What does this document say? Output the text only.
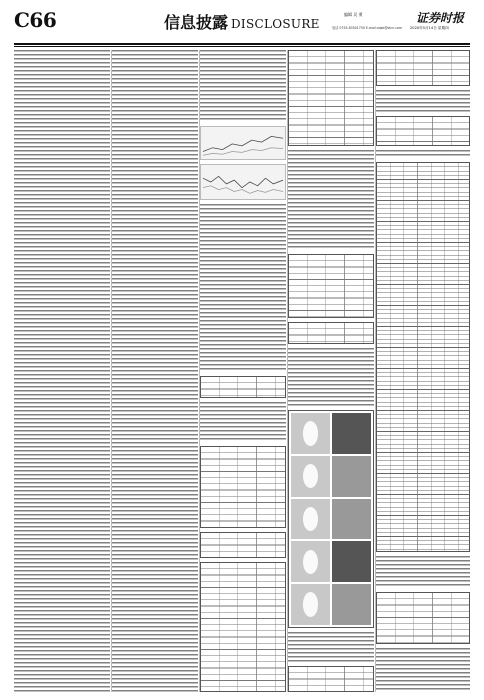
C66	信息披露 DISCLOSURE
编辑 吴 勇
电话 0755-83501750 E-mail:zqsb@stcn.com
证券时报
2020年5月14日 星期四
